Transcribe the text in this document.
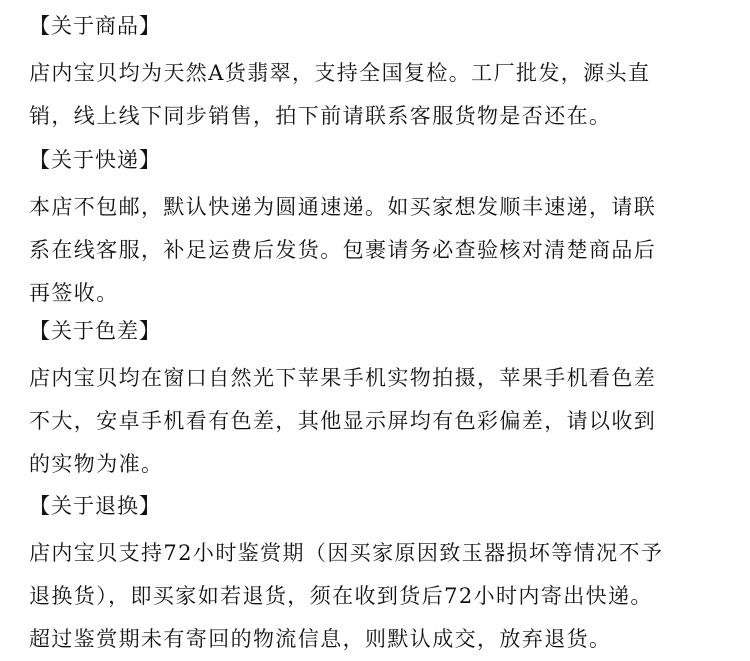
【关于商品】
店内宝贝均为天然A货翡翠，支持全国复检。工厂批发，源头直
销，线上线下同步销售，拍下前请联系客服货物是否还在。
【关于快递】
本店不包邮，默认快递为圆通速递。如买家想发顺丰速递，请联
系在线客服，补足运费后发货。包裹请务必查验核对清楚商品后
再签收。
【关于色差】
店内宝贝均在窗口自然光下苹果手机实物拍摄，苹果手机看色差
不大，安卓手机看有色差，其他显示屏均有色彩偏差，请以收到
的实物为准。
【关于退换】
店内宝贝支持72小时鉴赏期（因买家原因致玉器损坏等情况不予
退换货），即买家如若退货，须在收到货后72小时内寄出快递。
超过鉴赏期未有寄回的物流信息，则默认成交，放弃退货。
